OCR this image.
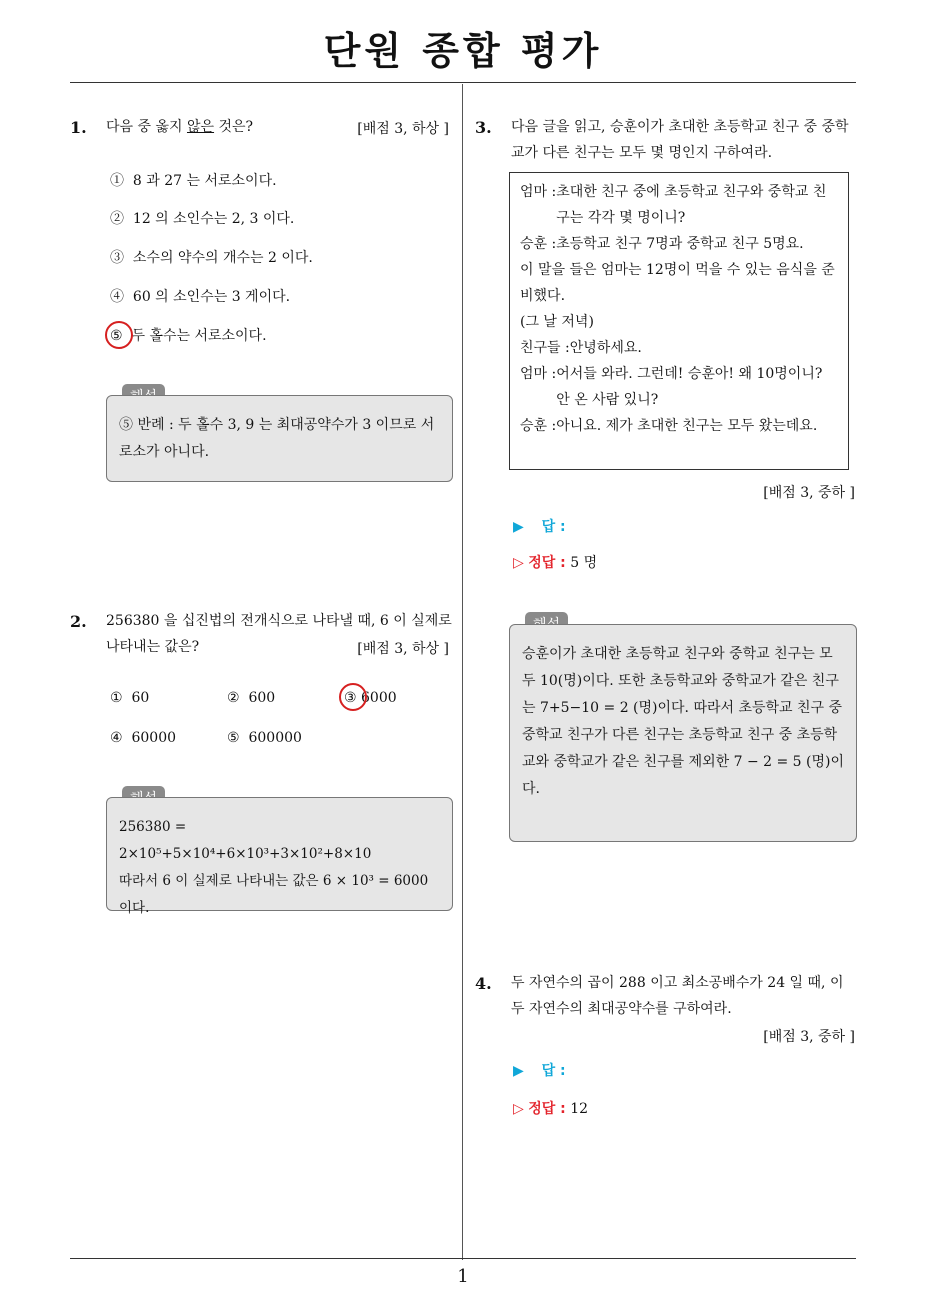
단원 종합 평가
1
1. 다음 중 옳지 않은 것은?	[배점 3, 하상 ]
① 8 과 27 는 서로소이다.
② 12 의 소인수는 2, 3 이다.
③ 소수의 약수의 개수는 2 이다.
④ 60 의 소인수는 3 게이다.
⑤ 두 홀수는 서로소이다.
⑤ 반례 : 두 홀수 3, 9 는 최대공약수가 3 이므로 서로소가 아니다.
2. 256380 을 십진법의 전개식으로 나타낼 때, 6 이 실제로 나타내는 값은?	[배점 3, 하상 ]
① 60	② 600	③ 6000
④ 60000	⑤ 600000
256380 = 2×10⁵+5×10⁴+6×10³+3×10²+8×10
따라서 6 이 실제로 나타내는 값은 6 × 10³ = 6000 이다.
3. 다음 글을 읽고, 승훈이가 초대한 초등학교 친구 중 중학교가 다른 친구는 모두 몇 명인지 구하여라.
엄마 : 초대한 친구 중에 초등학교 친구와 중학교 친구는 각각 몇 명이니?
승훈 : 초등학교 친구 7명과 중학교 친구 5명요.
이 말을 들은 엄마는 12명이 먹을 수 있는 음식을 준비했다.
(그 날 저녁)
친구들 : 안녕하세요.
엄마 : 어서들 와라. 그런데! 승훈아! 왜 10명이니? 안 온 사람 있니?
승훈 : 아니요. 제가 초대한 친구는 모두 왔는데요.
[배점 3, 중하 ]
▶ 답 :
▷ 정답 : 5 명
승훈이가 초대한 초등학교 친구와 중학교 친구는 모두 10(명)이다. 또한 초등학교와 중학교가 같은 친구는 7+5−10 = 2 (명)이다. 따라서 초등학교 친구 중 중학교 친구가 다른 친구는 초등학교 친구 중 초등학교와 중학교가 같은 친구를 제외한 7 − 2 = 5 (명)이다.
4. 두 자연수의 곱이 288 이고 최소공배수가 24 일 때, 이 두 자연수의 최대공약수를 구하여라.
[배점 3, 중하 ]
▶ 답 :
▷ 정답 : 12
